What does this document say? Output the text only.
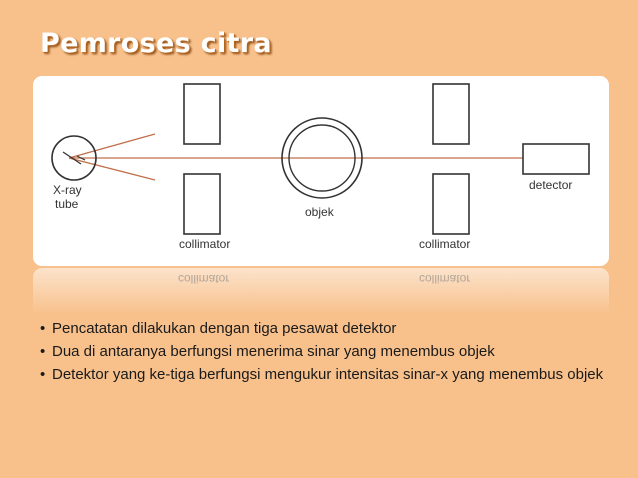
Pemroses citra
X-ray
tube
collimator
objek
collimator
detector
collimator	collimator
• Pencatatan dilakukan dengan tiga pesawat detektor
• Dua di antaranya berfungsi menerima sinar yang menembus objek
• Detektor yang ke-tiga berfungsi mengukur intensitas sinar-x yang menembus objek
